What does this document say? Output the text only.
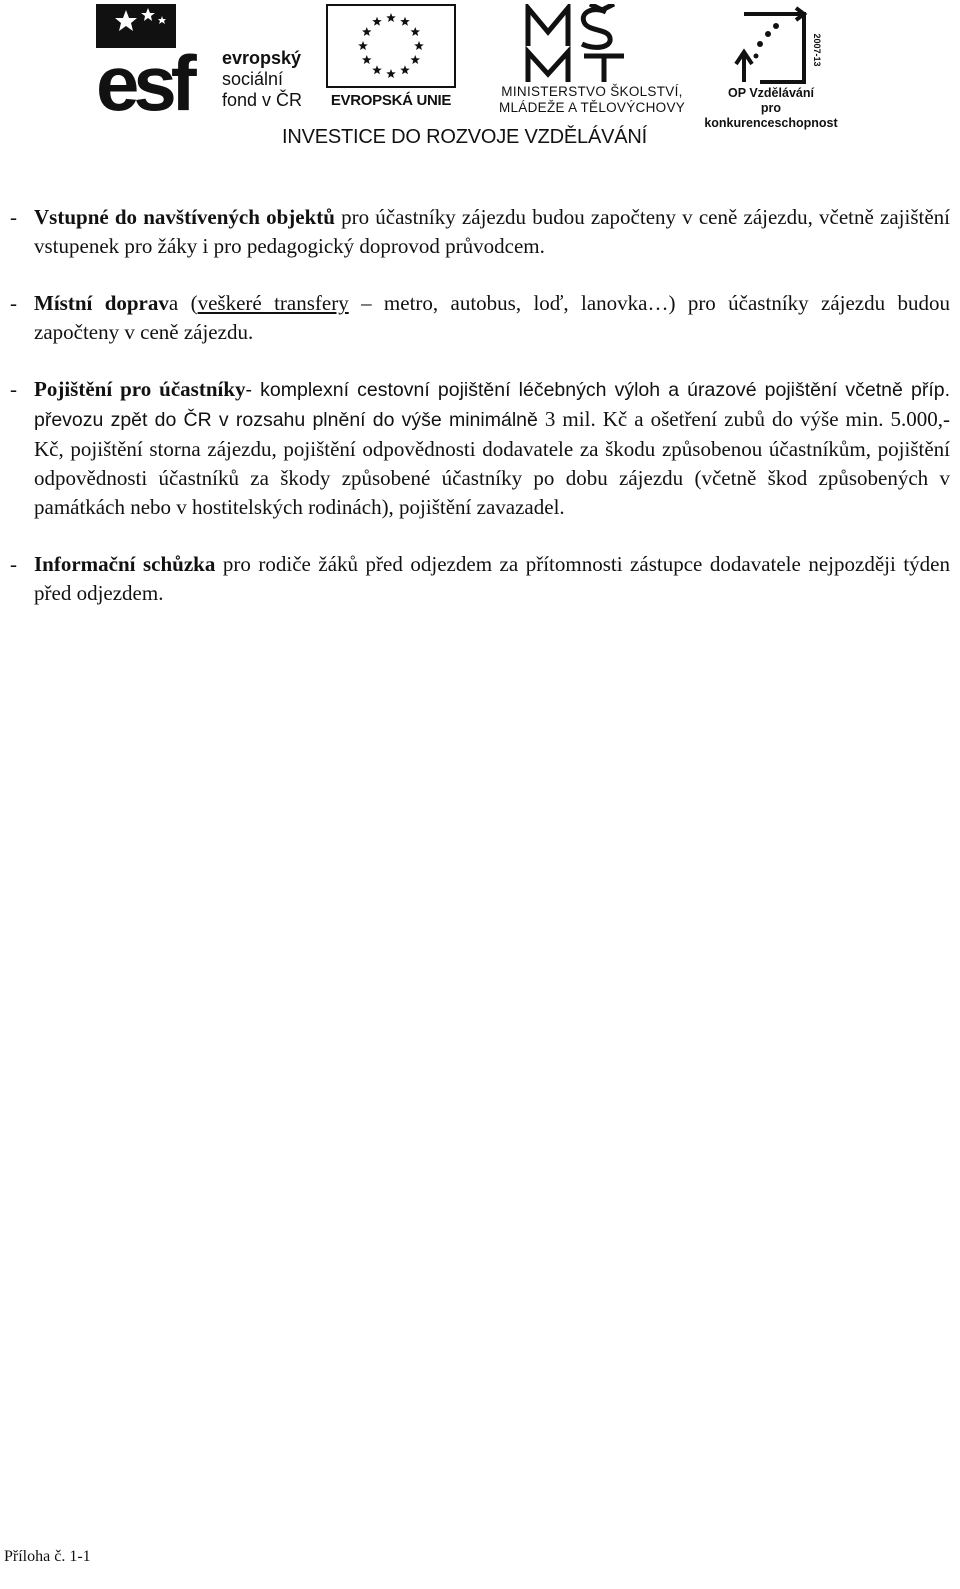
esf	evropský
sociální
fond v ČR	EVROPSKÁ UNIE
MINISTERSTVO ŠKOLSTVÍ,
MLÁDEŽE A TĚLOVÝCHOVY
2007-13
OP Vzdělávání
pro konkurenceschopnost
INVESTICE DO ROZVOJE VZDĚLÁVÁNÍ
- Vstupné do navštívených objektů pro účastníky zájezdu budou započteny v ceně zájezdu, včetně zajištění vstupenek pro žáky i pro pedagogický doprovod průvodcem.
- Místní doprava (veškeré transfery – metro, autobus, loď, lanovka…) pro účastníky zájezdu budou započteny v ceně zájezdu.
- Pojištění pro účastníky- komplexní cestovní pojištění léčebných výloh a úrazové pojištění včetně příp. převozu zpět do ČR v rozsahu plnění do výše minimálně 3 mil. Kč a ošetření zubů do výše min. 5.000,- Kč, pojištění storna zájezdu, pojištění odpovědnosti dodavatele za škodu způsobenou účastníkům, pojištění odpovědnosti účastníků za škody způsobené účastníky po dobu zájezdu (včetně škod způsobených v památkách nebo v hostitelských rodinách), pojištění zavazadel.
- Informační schůzka pro rodiče žáků před odjezdem za přítomnosti zástupce dodavatele nejpozději týden před odjezdem.
Příloha č. 1-1
